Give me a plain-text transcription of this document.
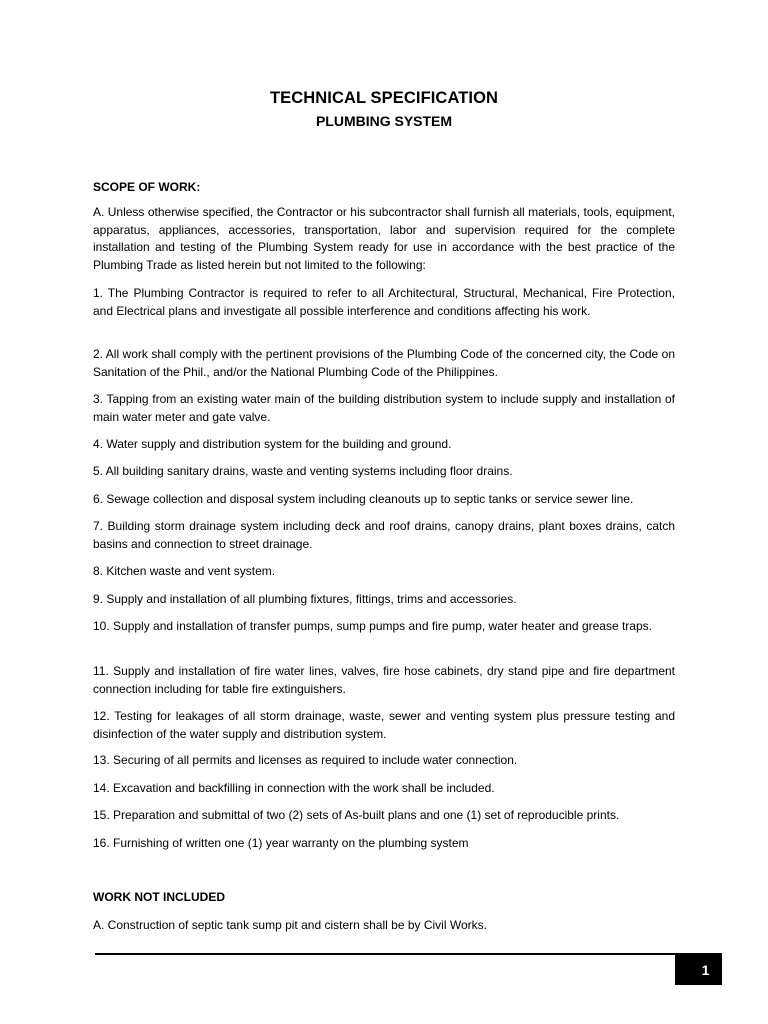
TECHNICAL SPECIFICATION
PLUMBING SYSTEM
SCOPE OF WORK:

A. Unless otherwise specified, the Contractor or his subcontractor shall furnish all materials, tools, equipment, apparatus, appliances, accessories, transportation, labor and supervision required for the complete installation and testing of the Plumbing System ready for use in accordance with the best practice of the Plumbing Trade as listed herein but not limited to the following:

1. The Plumbing Contractor is required to refer to all Architectural, Structural, Mechanical, Fire Protection, and Electrical plans and investigate all possible interference and conditions affecting his work.

2. All work shall comply with the pertinent provisions of the Plumbing Code of the concerned city, the Code on Sanitation of the Phil., and/or the National Plumbing Code of the Philippines.

3. Tapping from an existing water main of the building distribution system to include supply and installation of main water meter and gate valve.

4. Water supply and distribution system for the building and ground.

5. All building sanitary drains, waste and venting systems including floor drains.

6. Sewage collection and disposal system including cleanouts up to septic tanks or service sewer line.

7. Building storm drainage system including deck and roof drains, canopy drains, plant boxes drains, catch basins and connection to street drainage.

8. Kitchen waste and vent system.

9. Supply and installation of all plumbing fixtures, fittings, trims and accessories.

10. Supply and installation of transfer pumps, sump pumps and fire pump, water heater and grease traps.

11. Supply and installation of fire water lines, valves, fire hose cabinets, dry stand pipe and fire department connection including for table fire extinguishers.

12. Testing for leakages of all storm drainage, waste, sewer and venting system plus pressure testing and disinfection of the water supply and distribution system.

13. Securing of all permits and licenses as required to include water connection.

14. Excavation and backfilling in connection with the work shall be included.

15. Preparation and submittal of two (2) sets of As-built plans and one (1) set of reproducible prints.

16. Furnishing of written one (1) year warranty on the plumbing system

WORK NOT INCLUDED

A. Construction of septic tank sump pit and cistern shall be by Civil Works.

1
